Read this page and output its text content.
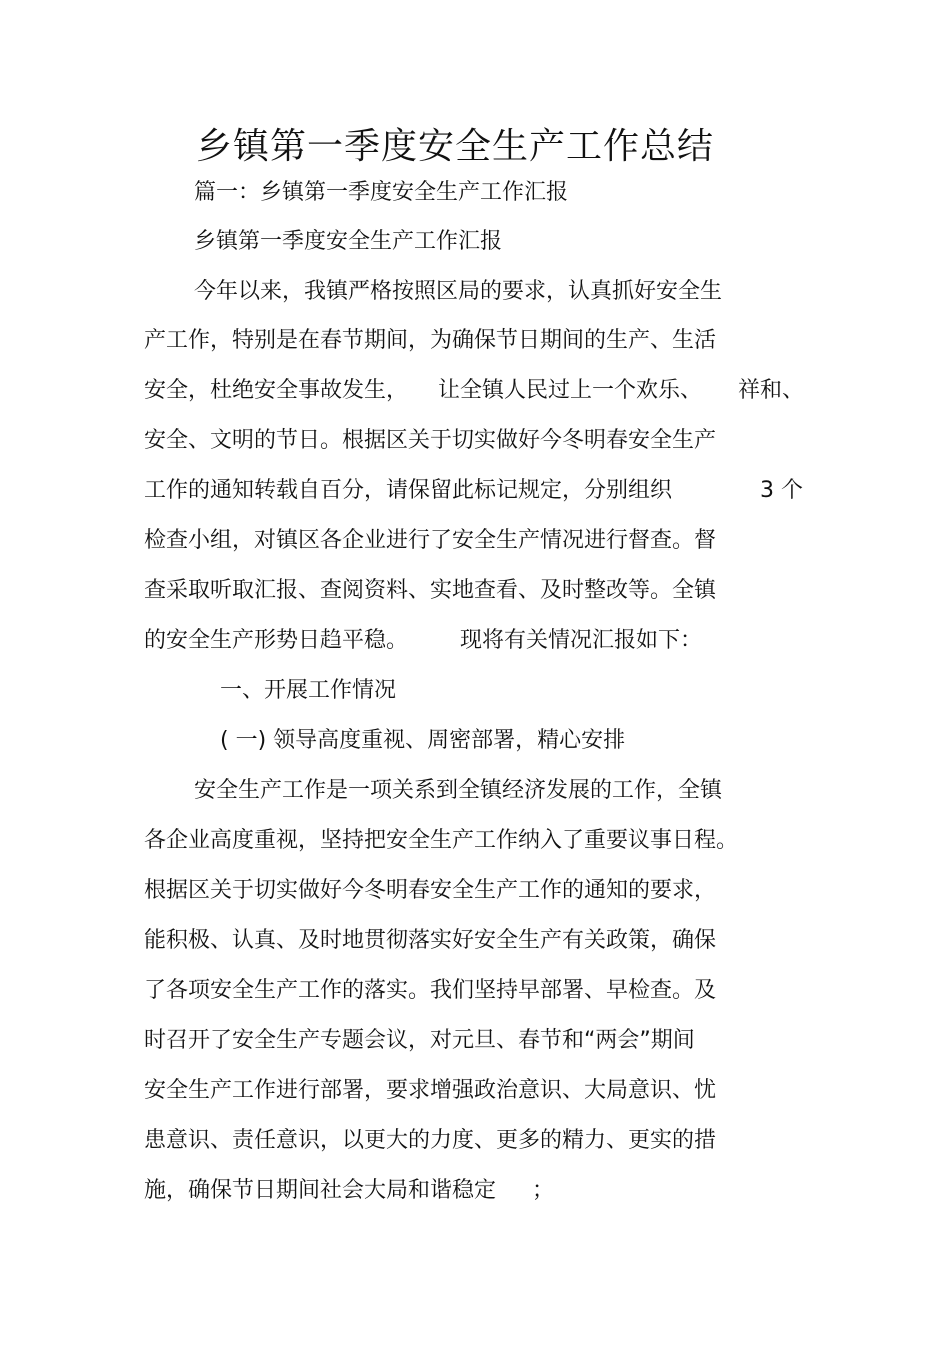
乡镇第一季度安全生产工作总结
篇一：乡镇第一季度安全生产工作汇报
乡镇第一季度安全生产工作汇报
今年以来，我镇严格按照区局的要求，认真抓好安全生
产工作，特别是在春节期间，为确保节日期间的生产、生活
安全，杜绝安全事故发生， 让全镇人民过上一个欢乐、 祥和、
安全、文明的节日。根据区关于切实做好今冬明春安全生产
工作的通知转载自百分，请保留此标记规定，分别组织	3 个
检查小组，对镇区各企业进行了安全生产情况进行督查。督
查采取听取汇报、查阅资料、实地查看、及时整改等。全镇
的安全生产形势日趋平稳。 现将有关情况汇报如下：
一、开展工作情况
( 一) 领导高度重视、周密部署，精心安排
安全生产工作是一项关系到全镇经济发展的工作，全镇
各企业高度重视，坚持把安全生产工作纳入了重要议事日程。
根据区关于切实做好今冬明春安全生产工作的通知的要求，
能积极、认真、及时地贯彻落实好安全生产有关政策，确保
了各项安全生产工作的落实。我们坚持早部署、早检查。及
时召开了安全生产专题会议，对元旦、春节和“两会”期间
安全生产工作进行部署，要求增强政治意识、大局意识、忧
患意识、责任意识，以更大的力度、更多的精力、更实的措
施，确保节日期间社会大局和谐稳定 ；
